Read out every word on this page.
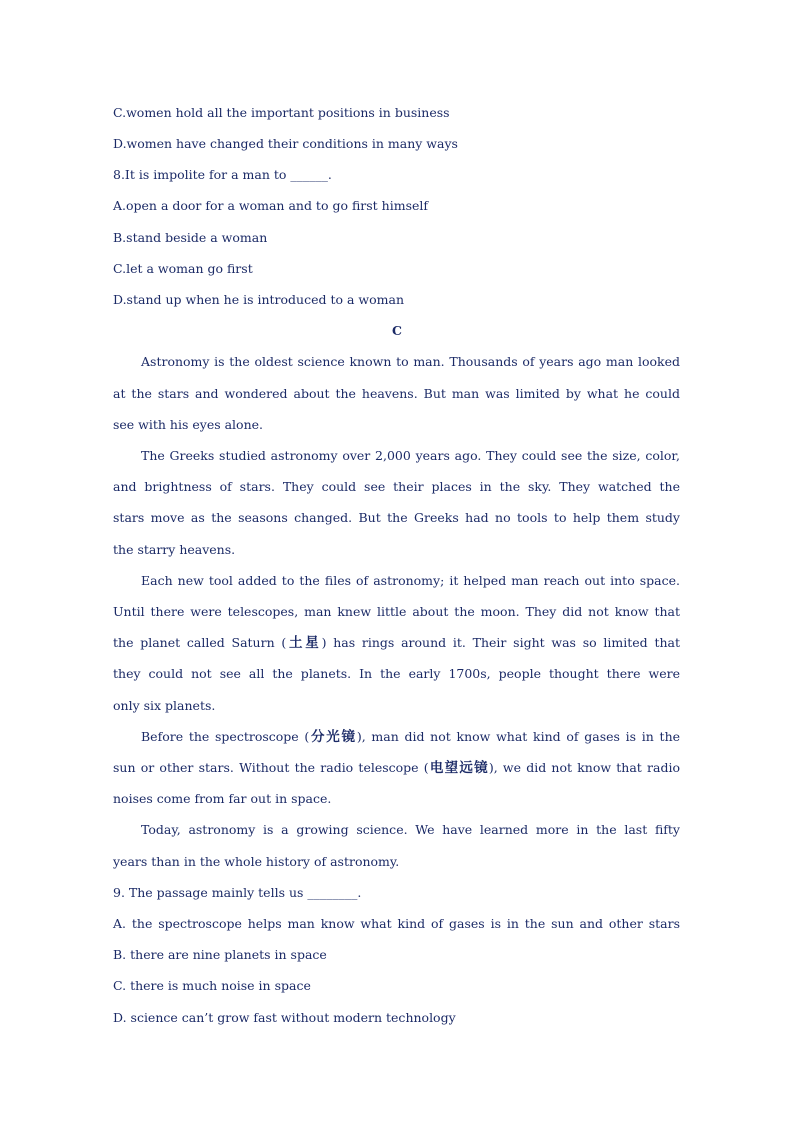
C.women hold all the important positions in business
D.women have changed their conditions in many ways
8.It is impolite for a man to ______.
A.open a door for a woman and to go first himself
B.stand beside a woman
C.let a woman go first
D.stand up when he is introduced to a woman
C
Astronomy is the oldest science known to man. Thousands of years ago man looked
at the stars and wondered about the heavens. But man was limited by what he could
see with his eyes alone.
The Greeks studied astronomy over 2,000 years ago. They could see the size, color,
and brightness of stars. They could see their places in the sky. They watched the
stars move as the seasons changed. But the Greeks had no tools to help them study
the starry heavens.
Each new tool added to the files of astronomy; it helped man reach out into space.
Until there were telescopes, man knew little about the moon. They did not know that
the planet called Saturn (土星) has rings around it. Their sight was so limited that
they could not see all the planets. In the early 1700s, people thought there were
only six planets.
Before the spectroscope (分光镜), man did not know what kind of gases is in the
sun or other stars. Without the radio telescope (电望远镜), we did not know that radio
noises come from far out in space.
Today, astronomy is a growing science. We have learned more in the last fifty
years than in the whole history of astronomy.
9. The passage mainly tells us ________.
A. the spectroscope helps man know what kind of gases is in the sun and other stars
B. there are nine planets in space
C. there is much noise in space
D. science can’t grow fast without modern technology
